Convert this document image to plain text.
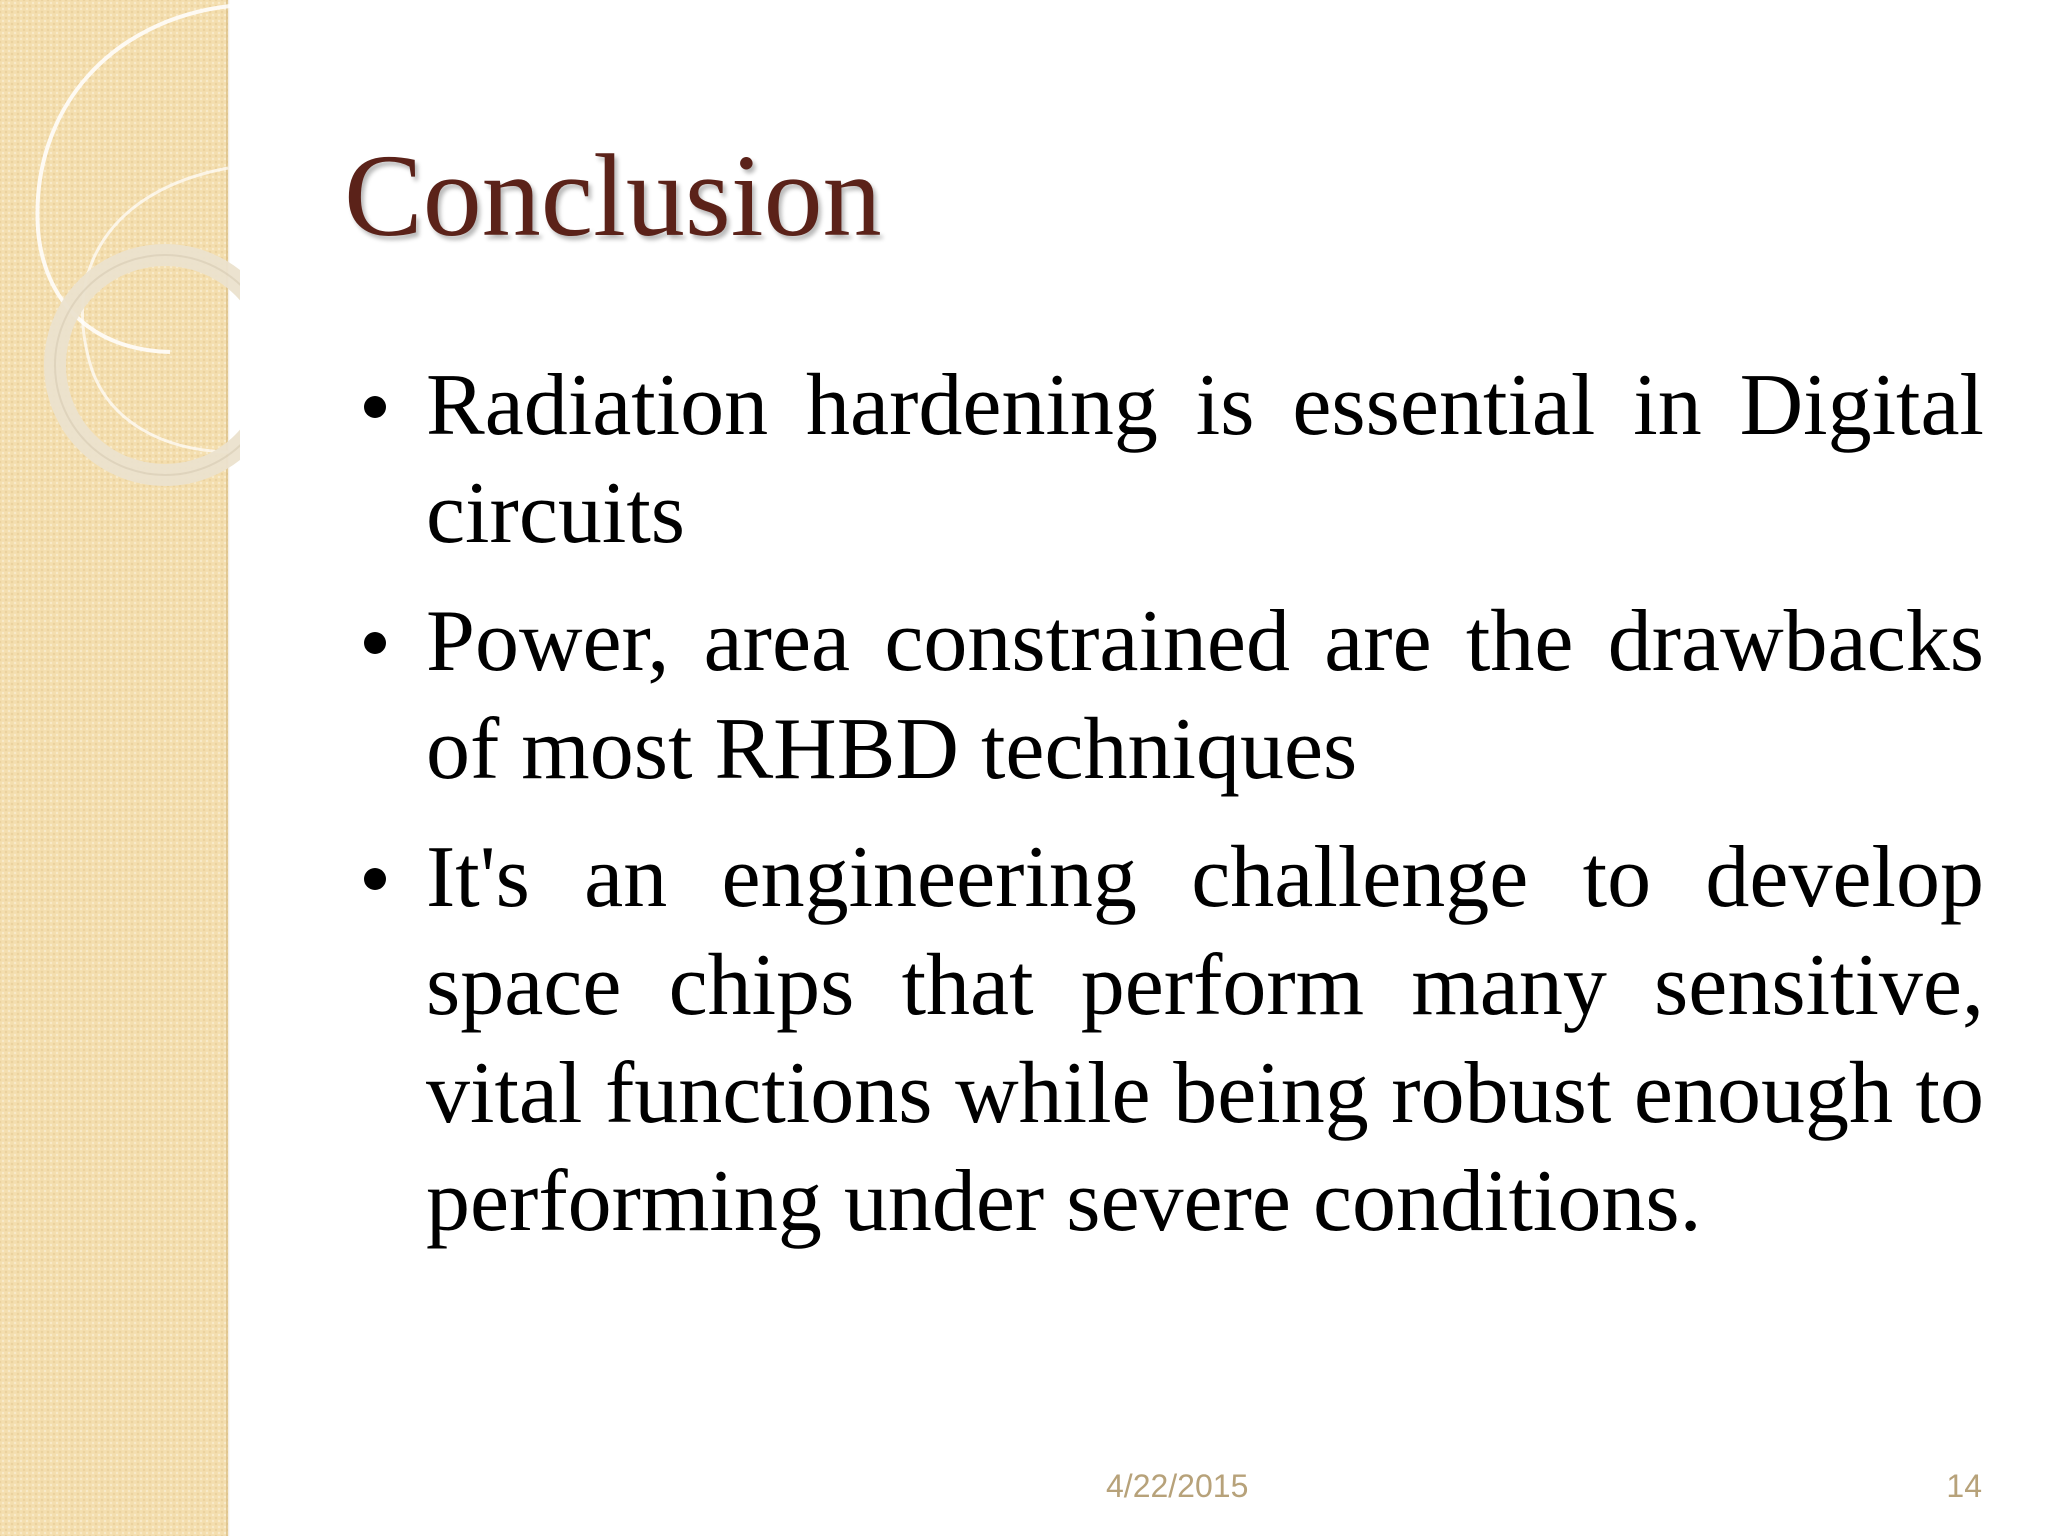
Conclusion
Radiation hardening is essential in Digital circuits
Power, area constrained are the drawbacks of most RHBD techniques
It's an engineering challenge to develop space chips that perform many sensitive, vital functions while being robust enough to performing under severe conditions.
4/22/2015	14
